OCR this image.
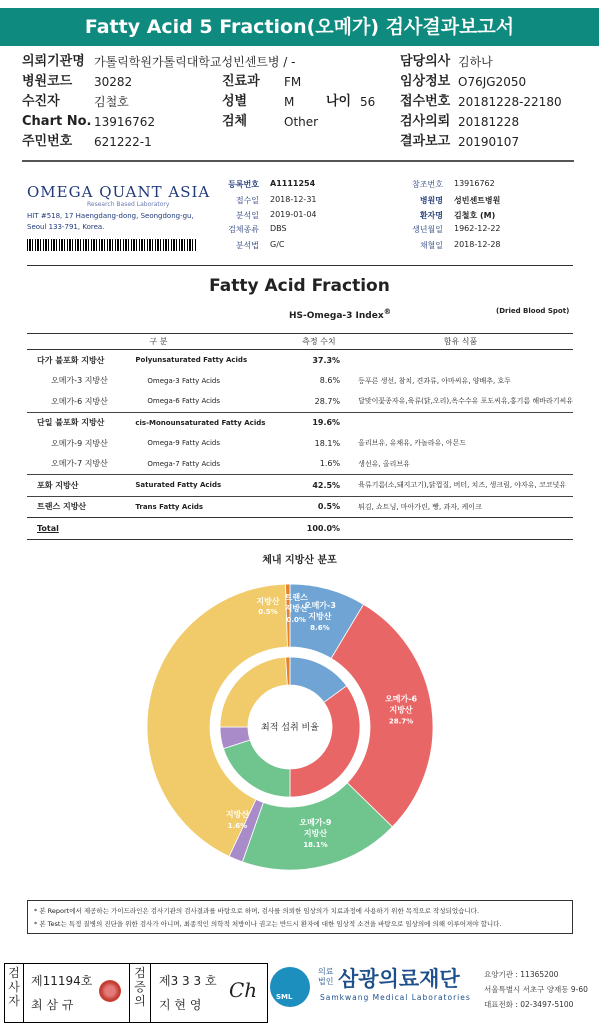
Fatty Acid 5 Fraction(오메가) 검사결과보고서
의뢰기관명 가톨릭학원가톨릭대학교성빈센트병 / -	담당의사 김하나
병원코드 30282	진료과 FM	임상정보 O76JG2050
수진자	김철호	성별	M 나이 56 접수번호 20181228-22180
Chart No. 13916762	검체	Other	검사의뢰 20181228
주민번호 621222-1	결과보고 20190107
OMEGA QUANT ASIA
Research Based Laboratory
HIT #518, 17 Haengdang-dong, Seongdong-gu,
Seoul 133-791, Korea.
등록번호 A1111254
접수일 2018-12-31
분석일 2019-01-04
검체종류 DBS
분석법 G/C
참조번호 13916762
병원명 성빈센트병원
환자명 김철호 (M)
생년월일 1962-12-22
채혈일 2018-12-28
Fatty Acid Fraction
HS-Omega-3 Index®	(Dried Blood Spot)
구 분		측정 수치	함유 식품
다가 불포화 지방산	Polyunsaturated Fatty Acids	37.3%	
오메가-3 지방산	Omega-3 Fatty Acids	8.6%	등푸른 생선, 참치, 견과류, 아마씨유, 양배추, 호두
오메가-6 지방산	Omega-6 Fatty Acids	28.7%	달맞이꽃종자유,육류(닭,오리),옥수수유 포도씨유,홍기름 해바라기씨유
단일 불포화 지방산	cis-Monounsaturated Fatty Acids	19.6%	
오메가-9 지방산	Omega-9 Fatty Acids	18.1%	올리브유, 유채유, 카놀라유, 아몬드
오메가-7 지방산	Omega-7 Fatty Acids	1.6%	생선유, 올리브유
포화 지방산	Saturated Fatty Acids	42.5%	육류기름(소,돼지고기),닭껍질, 버터, 치즈, 생크림, 야자유, 코코넛유
트랜스 지방산	Trans Fatty Acids	0.5%	튀김, 쇼트닝, 마아가린, 빵, 과자, 케이크
Total		100.0%	
체내 지방산 분포
최적 섭취 비율
오메가-3
지방산
8.6%
오메가-6
지방산
28.7%
오메가-9
지방산
18.1%
지방산
1.6%
트랜스
지방산
0.0%
지방산
0.5%
* 본 Report에서 제공하는 가이드라인은 검사기관의 검사결과를 바탕으로 하며, 검사를 의뢰한 임상의가 치료과정에 사용하기 위한 목적으로 작성되었습니다.
* 본 Test는 특정 질병의 진단을 위한 검사가 아니며, 최종적인 의학적 처방이나 권고는 반드시 환자에 대한 임상적 소견을 바탕으로 임상의에 의해 이루어져야 합니다.
검사자
제11194호
최 삼 규
검증의
제3 3 3 호
지 현 영
Ch	SML
의료
법인 삼광의료재단
Samkwang Medical Laboratories
요양기관 : 11365200
서울특별시 서초구 양재동 9-60
대표전화 : 02-3497-5100
